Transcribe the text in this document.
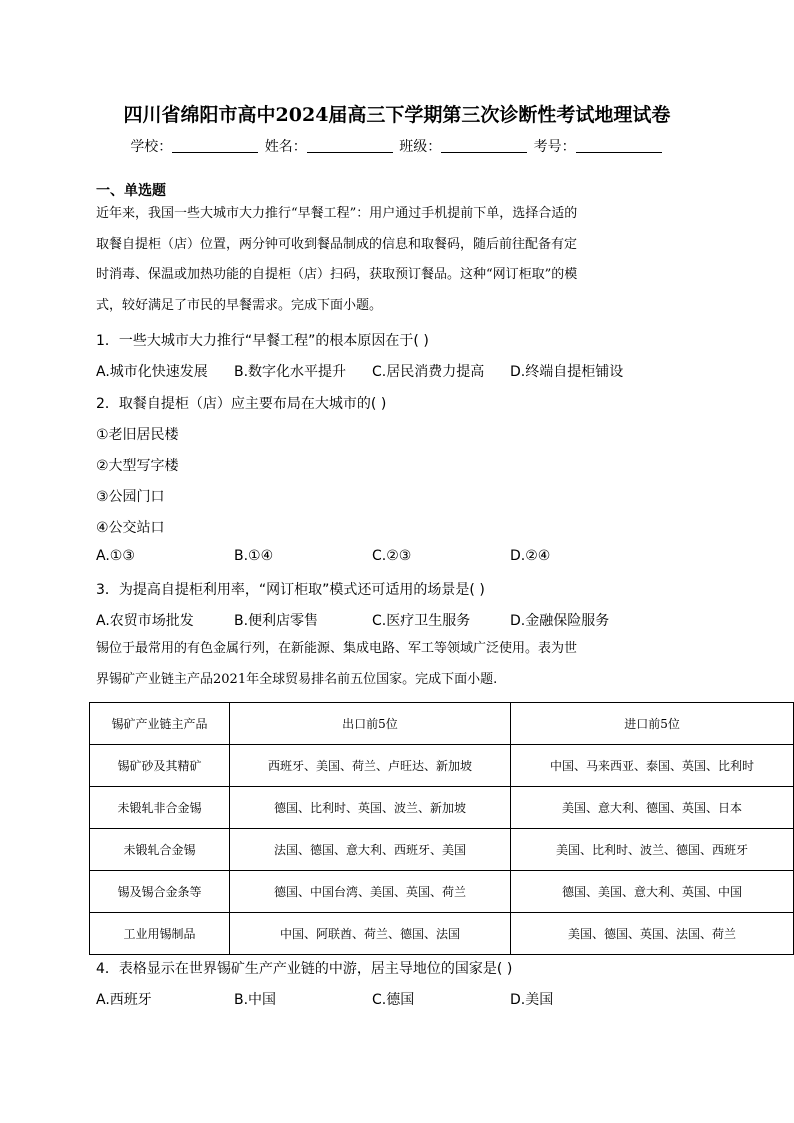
四川省绵阳市高中2024届高三下学期第三次诊断性考试地理试卷
学校：	姓名：	班级：	考号：
一、单选题
近年来，我国一些大城市大力推行“早餐工程”：用户通过手机提前下单，选择合适的
取餐自提柜（店）位置，两分钟可收到餐品制成的信息和取餐码，随后前往配备有定
时消毒、保温或加热功能的自提柜（店）扫码，获取预订餐品。这种“网订柜取”的模
式，较好满足了市民的早餐需求。完成下面小题。
1．一些大城市大力推行“早餐工程”的根本原因在于( )
A.城市化快速发展 B.数字化水平提升 C.居民消费力提高 D.终端自提柜铺设
2．取餐自提柜（店）应主要布局在大城市的( )
①老旧居民楼
②大型写字楼
③公园门口
④公交站口
A.①③	B.①④	C.②③	D.②④
3．为提高自提柜利用率，“网订柜取”模式还可适用的场景是( )
A.农贸市场批发	B.便利店零售	C.医疗卫生服务	D.金融保险服务
锡位于最常用的有色金属行列，在新能源、集成电路、军工等领域广泛使用。表为世
界锡矿产业链主产品2021年全球贸易排名前五位国家。完成下面小题.
锡矿产业链主产品	出口前5位	进口前5位
锡矿砂及其精矿	西班牙、美国、荷兰、卢旺达、新加坡	中国、马来西亚、泰国、英国、比利时
未锻轧非合金锡	德国、比利时、英国、波兰、新加坡	美国、意大利、德国、英国、日本
未锻轧合金锡	法国、德国、意大利、西班牙、美国	美国、比利时、波兰、德国、西班牙
锡及锡合金条等	德国、中国台湾、美国、英国、荷兰	德国、美国、意大利、英国、中国
工业用锡制品	中国、阿联酋、荷兰、德国、法国	美国、德国、英国、法国、荷兰
4．表格显示在世界锡矿生产产业链的中游，居主导地位的国家是( )
A.西班牙	B.中国	C.德国	D.美国
